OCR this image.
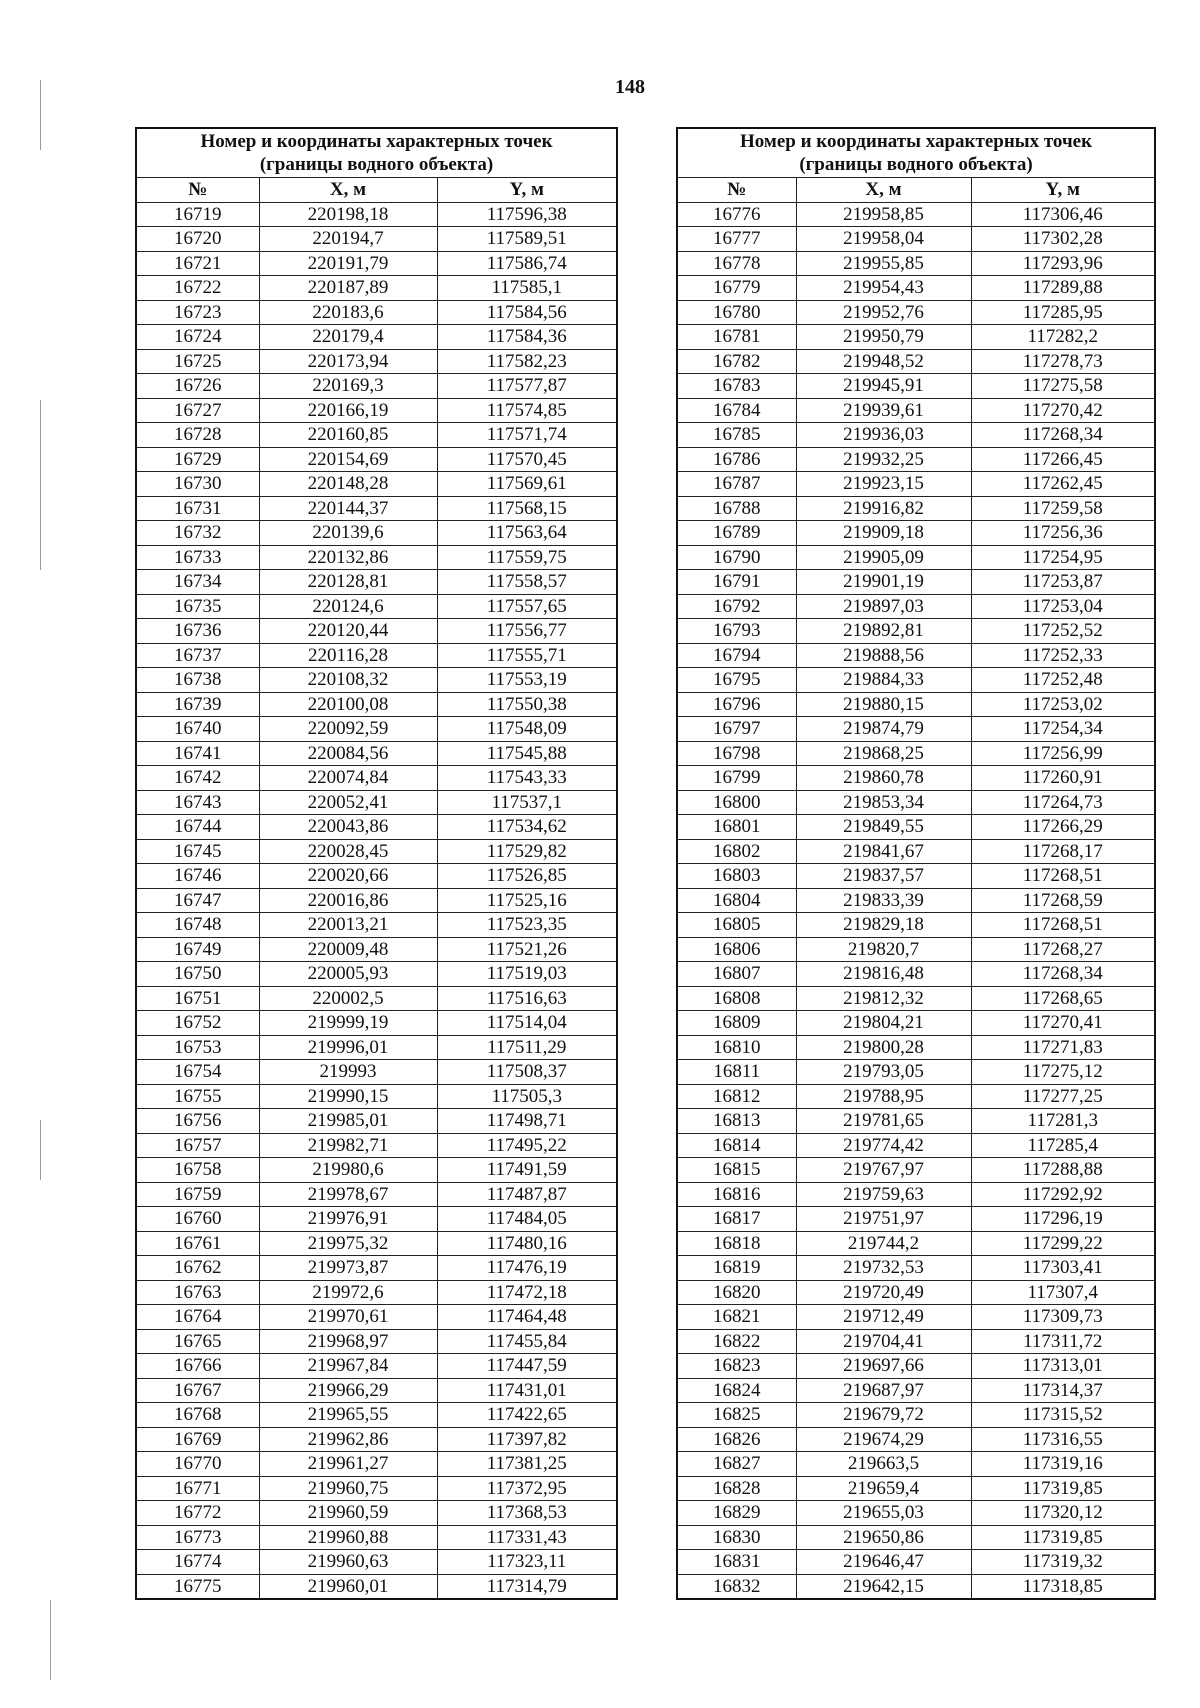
148
Номер и координаты характерных точек
(границы водного объекта)		
№	X, м	Y, м
16719	220198,18	117596,38
16720	220194,7	117589,51
16721	220191,79	117586,74
16722	220187,89	117585,1
16723	220183,6	117584,56
16724	220179,4	117584,36
16725	220173,94	117582,23
16726	220169,3	117577,87
16727	220166,19	117574,85
16728	220160,85	117571,74
16729	220154,69	117570,45
16730	220148,28	117569,61
16731	220144,37	117568,15
16732	220139,6	117563,64
16733	220132,86	117559,75
16734	220128,81	117558,57
16735	220124,6	117557,65
16736	220120,44	117556,77
16737	220116,28	117555,71
16738	220108,32	117553,19
16739	220100,08	117550,38
16740	220092,59	117548,09
16741	220084,56	117545,88
16742	220074,84	117543,33
16743	220052,41	117537,1
16744	220043,86	117534,62
16745	220028,45	117529,82
16746	220020,66	117526,85
16747	220016,86	117525,16
16748	220013,21	117523,35
16749	220009,48	117521,26
16750	220005,93	117519,03
16751	220002,5	117516,63
16752	219999,19	117514,04
16753	219996,01	117511,29
16754	219993	117508,37
16755	219990,15	117505,3
16756	219985,01	117498,71
16757	219982,71	117495,22
16758	219980,6	117491,59
16759	219978,67	117487,87
16760	219976,91	117484,05
16761	219975,32	117480,16
16762	219973,87	117476,19
16763	219972,6	117472,18
16764	219970,61	117464,48
16765	219968,97	117455,84
16766	219967,84	117447,59
16767	219966,29	117431,01
16768	219965,55	117422,65
16769	219962,86	117397,82
16770	219961,27	117381,25
16771	219960,75	117372,95
16772	219960,59	117368,53
16773	219960,88	117331,43
16774	219960,63	117323,11
16775	219960,01	117314,79
Номер и координаты характерных точек
(границы водного объекта)		
№	X, м	Y, м
16776	219958,85	117306,46
16777	219958,04	117302,28
16778	219955,85	117293,96
16779	219954,43	117289,88
16780	219952,76	117285,95
16781	219950,79	117282,2
16782	219948,52	117278,73
16783	219945,91	117275,58
16784	219939,61	117270,42
16785	219936,03	117268,34
16786	219932,25	117266,45
16787	219923,15	117262,45
16788	219916,82	117259,58
16789	219909,18	117256,36
16790	219905,09	117254,95
16791	219901,19	117253,87
16792	219897,03	117253,04
16793	219892,81	117252,52
16794	219888,56	117252,33
16795	219884,33	117252,48
16796	219880,15	117253,02
16797	219874,79	117254,34
16798	219868,25	117256,99
16799	219860,78	117260,91
16800	219853,34	117264,73
16801	219849,55	117266,29
16802	219841,67	117268,17
16803	219837,57	117268,51
16804	219833,39	117268,59
16805	219829,18	117268,51
16806	219820,7	117268,27
16807	219816,48	117268,34
16808	219812,32	117268,65
16809	219804,21	117270,41
16810	219800,28	117271,83
16811	219793,05	117275,12
16812	219788,95	117277,25
16813	219781,65	117281,3
16814	219774,42	117285,4
16815	219767,97	117288,88
16816	219759,63	117292,92
16817	219751,97	117296,19
16818	219744,2	117299,22
16819	219732,53	117303,41
16820	219720,49	117307,4
16821	219712,49	117309,73
16822	219704,41	117311,72
16823	219697,66	117313,01
16824	219687,97	117314,37
16825	219679,72	117315,52
16826	219674,29	117316,55
16827	219663,5	117319,16
16828	219659,4	117319,85
16829	219655,03	117320,12
16830	219650,86	117319,85
16831	219646,47	117319,32
16832	219642,15	117318,85
